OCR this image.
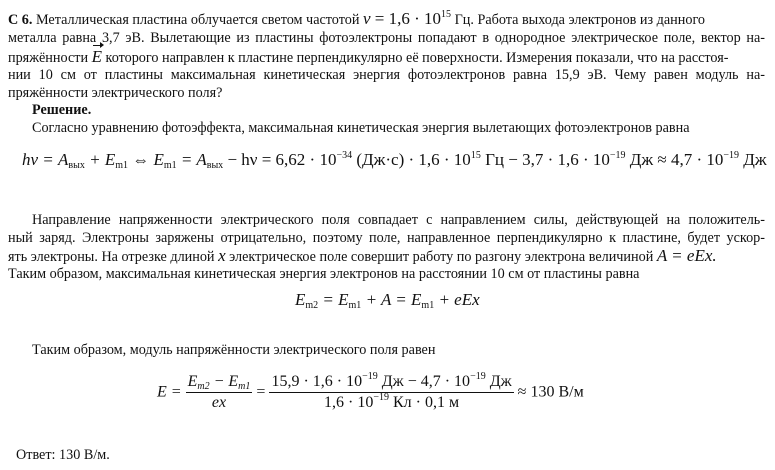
С 6. Металлическая пластина облучается светом частотой $\nu = 1,6 \cdot 10^{15}$ Гц. Работа выхода электронов из данного
металла равна 3,7 эВ. Вылетающие из пластины фотоэлектроны попадают в однородное электрическое поле, вектор на-
пряжённости E которого направлен к пластине перпендикулярно её поверхности. Измерения показали, что на расстоя-
нии 10 см от пластины максимальная кинетическая энергия фотоэлектронов равна 15,9 эВ. Чему равен модуль на-
пряжённости электрического поля?
Решение.
Согласно уравнению фотоэффекта, максимальная кинетическая энергия вылетающих фотоэлектронов равна
$h\nu = A_{вых} + E_{m1}$ ⇔ $E_{m1} = A_{вых} - h\nu = 6,62 \cdot 10^{-34}$ $(Дж\cdot с) \cdot 1,6 \cdot 10^{15}$ Гц − $3,7 \cdot 1,6 \cdot 10^{-19}$ Дж ≈ $4,7 \cdot 10^{-19}$ Дж
Направление напряженности электрического поля совпадает с направлением силы, действующей на положитель-
ный заряд. Электроны заряжены отрицательно, поэтому поле, направленное перпендикулярно к пластине, будет ускор-
ять электроны. На отрезке длиной x электрическое поле совершит работу по разгону электрона величиной A = eEx.
Таким образом, максимальная кинетическая энергия электронов на расстоянии 10 см от пластины равна
$E_{m2} = E_{m1} + A = E_{m1}$ + eEx
Таким образом, модуль напряжённости электрического поля равен
$E = \frac{E_{m2} - E_{m1}}{ex} = \frac{15,9 \cdot 1,6 \cdot 10^{-19} Дж - 4,7 \cdot 10^{-19} Дж}{1,6 \cdot 10^{-19} Кл \cdot 0,1 м} \approx 130$ В/м
Ответ: 130 В/м.
